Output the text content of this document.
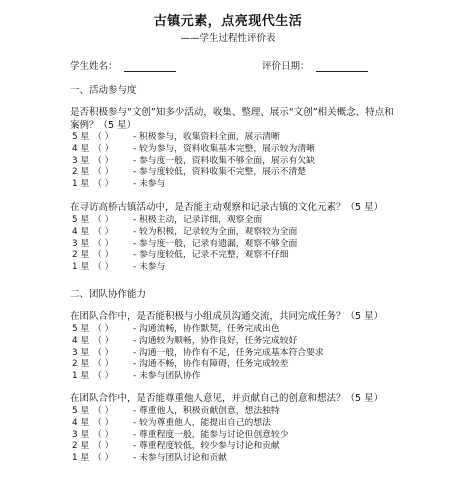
古镇元素，点亮现代生活
——学生过程性评价表
学生姓名：	评价日期：
一、活动参与度
是否积极参与“文创”知多少活动，收集、整理、展示“文创”相关概念、特点和案例？（5 星）
5 星 （ ） - 积极参与，收集资料全面，展示清晰
4 星 （ ） - 较为参与，资料收集基本完整，展示较为清晰
3 星 （ ） - 参与度一般，资料收集不够全面，展示有欠缺
2 星 （ ） - 参与度较低，资料收集不完整，展示不清楚
1 星 （ ） - 未参与
在寻访高桥古镇活动中，是否能主动观察和记录古镇的文化元素？（5 星）
5 星 （ ） - 积极主动，记录详细，观察全面
4 星 （ ） - 较为积极，记录较为全面，观察较为全面
3 星 （ ） - 参与度一般，记录有遗漏，观察不够全面
2 星 （ ） - 参与度较低，记录不完整，观察不仔细
1 星 （ ） - 未参与
二、团队协作能力
在团队合作中，是否能积极与小组成员沟通交流，共同完成任务？（5 星）
5 星 （ ） - 沟通流畅，协作默契，任务完成出色
4 星 （ ） - 沟通较为顺畅，协作良好，任务完成较好
3 星 （ ） - 沟通一般，协作有不足，任务完成基本符合要求
2 星 （ ） - 沟通不畅，协作有障碍，任务完成较差
1 星 （ ） - 未参与团队协作
在团队合作中，是否能尊重他人意见，并贡献自己的创意和想法？（5 星）
5 星 （ ） - 尊重他人，积极贡献创意，想法独特
4 星 （ ） - 较为尊重他人，能提出自己的想法
3 星 （ ） - 尊重程度一般，能参与讨论但创意较少
2 星 （ ） - 尊重程度较低，较少参与讨论和贡献
1 星 （ ） - 未参与团队讨论和贡献
